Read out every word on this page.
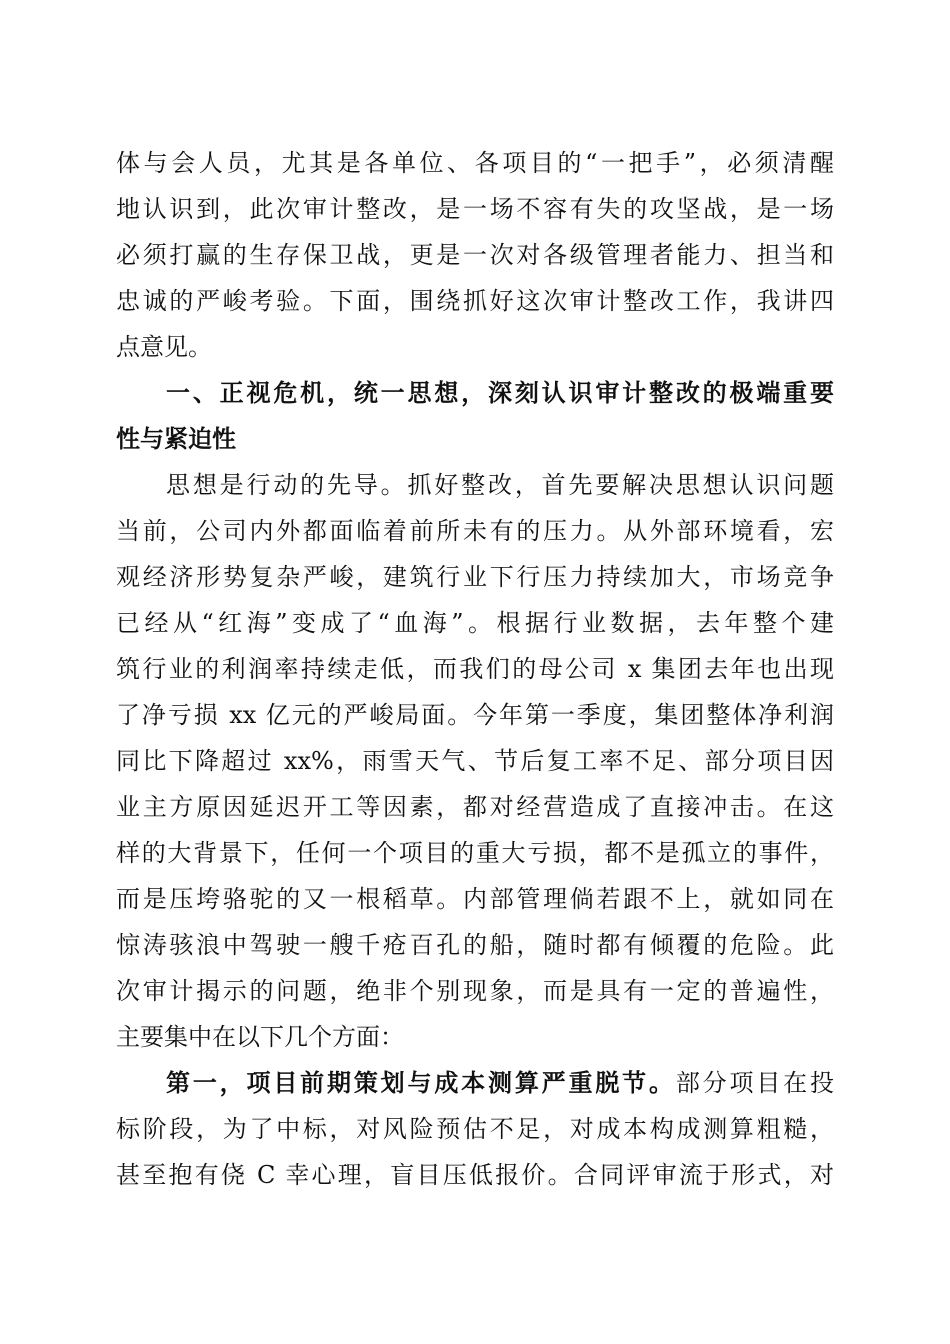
体与会人员，尤其是各单位、各项目的“一把手”，必须清醒
地认识到，此次审计整改，是一场不容有失的攻坚战，是一场
必须打赢的生存保卫战，更是一次对各级管理者能力、担当和
忠诚的严峻考验。下面，围绕抓好这次审计整改工作，我讲四
点意见。
一、正视危机，统一思想，深刻认识审计整改的极端重要
性与紧迫性
思想是行动的先导。抓好整改，首先要解决思想认识问题
当前，公司内外都面临着前所未有的压力。从外部环境看，宏
观经济形势复杂严峻，建筑行业下行压力持续加大，市场竞争
已经从“红海”变成了“血海”。根据行业数据，去年整个建
筑行业的利润率持续走低，而我们的母公司 x 集团去年也出现
了净亏损 xx 亿元的严峻局面。今年第一季度，集团整体净利润
同比下降超过 xx%，雨雪天气、节后复工率不足、部分项目因
业主方原因延迟开工等因素，都对经营造成了直接冲击。在这
样的大背景下，任何一个项目的重大亏损，都不是孤立的事件，
而是压垮骆驼的又一根稻草。内部管理倘若跟不上，就如同在
惊涛骇浪中驾驶一艘千疮百孔的船，随时都有倾覆的危险。此
次审计揭示的问题，绝非个别现象，而是具有一定的普遍性，
主要集中在以下几个方面：
第一，项目前期策划与成本测算严重脱节。部分项目在投
标阶段，为了中标，对风险预估不足，对成本构成测算粗糙，
甚至抱有侥 C 幸心理，盲目压低报价。合同评审流于形式，对
